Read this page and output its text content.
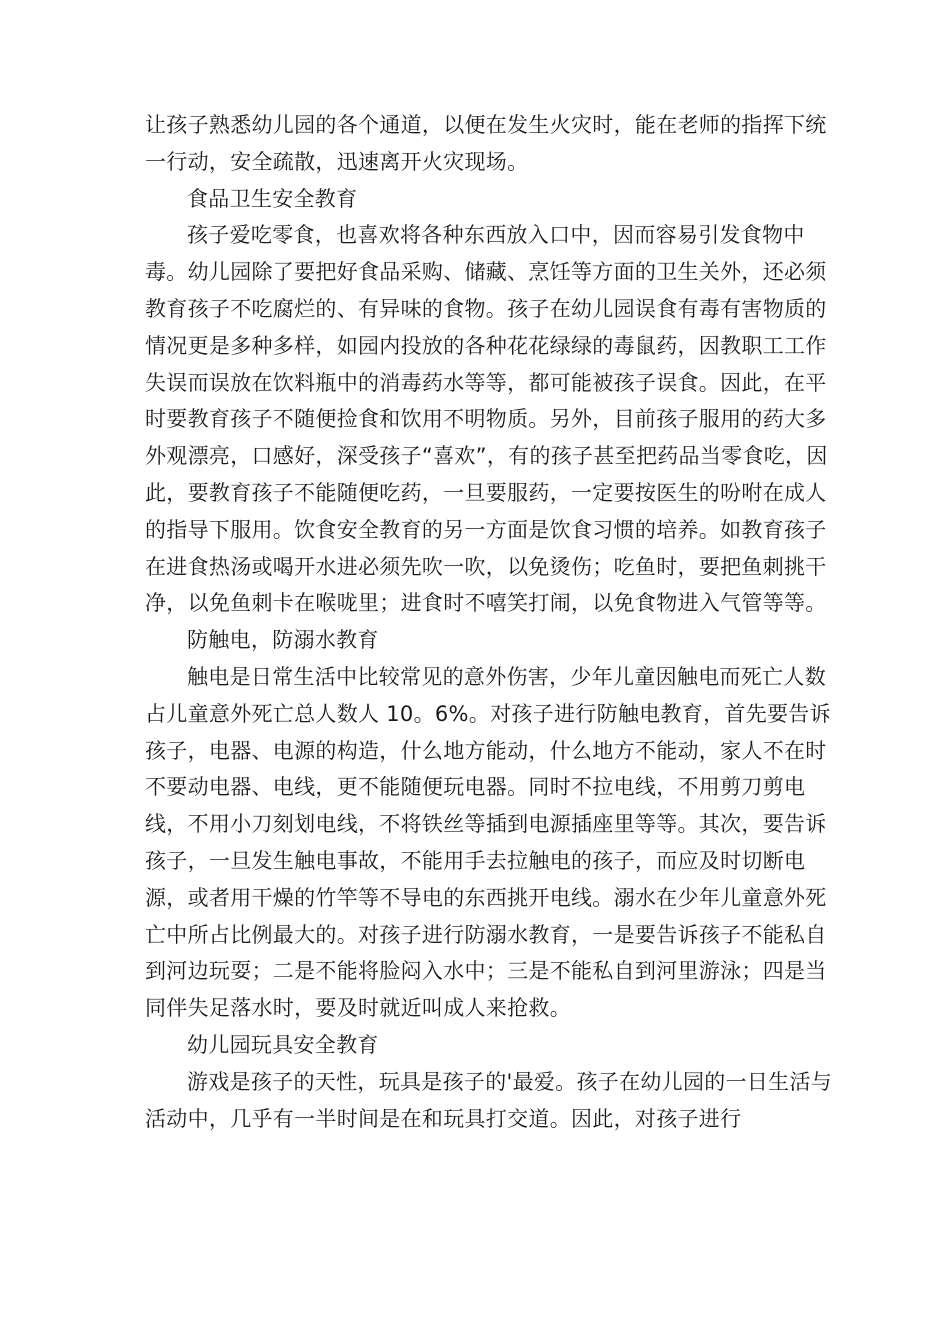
让孩子熟悉幼儿园的各个通道，以便在发生火灾时，能在老师的指挥下统一行动，安全疏散，迅速离开火灾现场。

食品卫生安全教育

孩子爱吃零食，也喜欢将各种东西放入口中，因而容易引发食物中毒。幼儿园除了要把好食品采购、储藏、烹饪等方面的卫生关外，还必须教育孩子不吃腐烂的、有异味的食物。孩子在幼儿园误食有毒有害物质的情况更是多种多样，如园内投放的各种花花绿绿的毒鼠药，因教职工工作失误而误放在饮料瓶中的消毒药水等等，都可能被孩子误食。因此，在平时要教育孩子不随便捡食和饮用不明物质。另外，目前孩子服用的药大多外观漂亮，口感好，深受孩子“喜欢”，有的孩子甚至把药品当零食吃，因此，要教育孩子不能随便吃药，一旦要服药，一定要按医生的吩咐在成人的指导下服用。饮食安全教育的另一方面是饮食习惯的培养。如教育孩子在进食热汤或喝开水进必须先吹一吹，以免烫伤；吃鱼时，要把鱼刺挑干净，以免鱼刺卡在喉咙里；进食时不嘻笑打闹，以免食物进入气管等等。

防触电，防溺水教育

触电是日常生活中比较常见的意外伤害，少年儿童因触电而死亡人数占儿童意外死亡总人数人 10。6%。对孩子进行防触电教育，首先要告诉孩子，电器、电源的构造，什么地方能动，什么地方不能动，家人不在时不要动电器、电线，更不能随便玩电器。同时不拉电线，不用剪刀剪电线，不用小刀刻划电线，不将铁丝等插到电源插座里等等。其次，要告诉孩子，一旦发生触电事故，不能用手去拉触电的孩子，而应及时切断电源，或者用干燥的竹竿等不导电的东西挑开电线。溺水在少年儿童意外死亡中所占比例最大的。对孩子进行防溺水教育，一是要告诉孩子不能私自到河边玩耍；二是不能将脸闷入水中；三是不能私自到河里游泳；四是当同伴失足落水时，要及时就近叫成人来抢救。

幼儿园玩具安全教育

游戏是孩子的天性，玩具是孩子的'最爱。孩子在幼儿园的一日生活与活动中，几乎有一半时间是在和玩具打交道。因此，对孩子进行
